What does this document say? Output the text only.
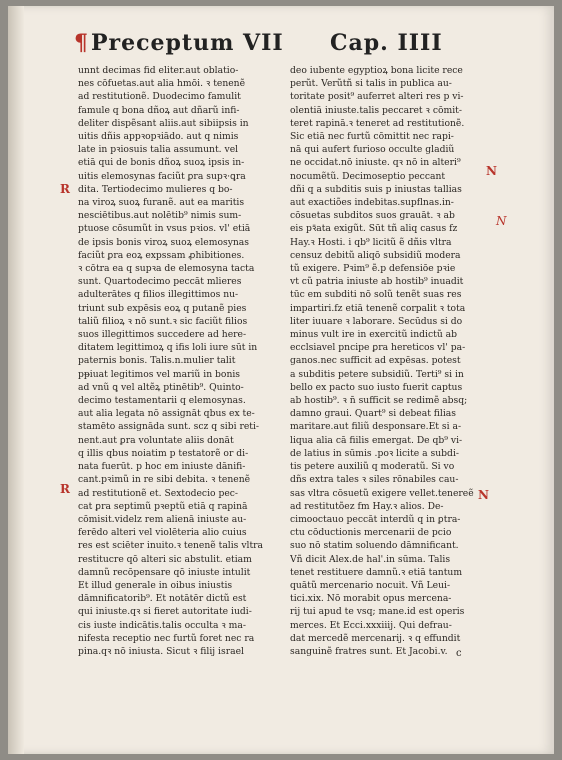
¶Preceptum VII Cap. IIII
unnt decimas fid eliter.aut oblatio-
nes cōfuetas.aut alia hmōi. ꝛ tenenẽ
ad restitutionẽ. Duodecimo famulit
famule q bona dñoꝝ aut dñarũ infi-
deliter dispẽsant aliis.aut sibiipsis in
uitis dñis appꝛopꝛiādo. aut q nimis
late in pꝛiosuis talia assumunt. vel
etiā qui de bonis dñoꝝ suoꝝ ipsis in-
uitis elemosynas faciũt ꝑra supꝛ·ꝗra
dita. Tertiodecimo mulieres q bo-
na viroꝝ suoꝝ furanẽ. aut ea maritis
nesciētibus.aut nolētib⁹ nimis sum-
ptuose cōsumũt in vsus pꝛios. vl' etiā
de ipsis bonis viroꝝ suoꝝ elemosynas
faciũt ꝑra eoꝝ expssam ꝓhibitiones.
ꝛ cōtra ea q supꝛa de elemosyna tacta
sunt. Quartodecimo peccāt mlieres
adulterātes q filios illegittimos nu-
triunt sub expēsis eoꝝ q putanẽ pies
taliũ filioꝝ ꝛ nō sunt.ꝛ sic faciũt filios
suos illegittimos succedere ad here-
ditatem legittimoꝝ q ifis loli iure sūt in
paternis bonis. Talis.n.mulier talit
pᵽiuat legitimos vel mariũ in bonis
ad vnũ ꝗ vel altẽꝝ ptinētib⁹. Quinto-
decimo testamentarii q elemosynas.
aut alia legata nō assignāt qbus ex te-
stamēto assignāda sunt. scz q sibi reti-
nent.aut ꝑra voluntate aliis donāt
q illis qbus noiatim p testatorẽ or di-
nata fuerūt. p hoc em iniuste dānifi-
cant.pꝛimũ in re sibi debita. ꝛ tenenẽ
ad restitutionẽ et. Sextodecio pec-
cat ꝑra septimũ pꝛeptũ etiā q rapinā
cōmisit.videlz rem alienā iniuste au-
ferēdo alteri vel violēteria alio cuius
res est sciēter inuito.ꝛ tenenẽ talis vltra
restitucre qō alteri sic abstulit. etiam
damnũ recōpensare qō iniuste intulit
Et illud generale in oibus iniustis
dāmnificatorib⁹. Et notātēr dictũ est
qui iniuste.qꝛ si fieret autoritate iudi-
cis iuste indicātis.talis occulta ꝛ ma-
nifesta receptio nec furtũ foret nec ra
pina.qꝛ nō iniusta. Sicut ꝛ filij israel
deo iubente egyptioꝝ bona licite rece
perũt. Verũtñ si talis in publica au-
toritate posit⁹ auferret alteri res p vi-
olentiā iniuste.talis peccaret ꝛ cōmit-
teret rapinā.ꝛ teneret ad restitutionẽ.
Sic etiā nec furtũ cōmittit nec rapi-
nā qui aufert furioso occulte gladiũ
ne occidat.nō iniuste. qꝛ nō in alteri⁹
nocumẽtũ. Decimoseptio peccant
dñi q a subditis suis p iniustas tallias
aut exactiões indebitas.supflnas.in-
cōsuetas subditos suos grauāt. ꝛ ab
eis pꝛ̄ata exigũt. Sūt tñ aliq casus fz
Hay.ꝛ Hosti. i qb⁹ licitũ ẽ dñis vltra
censuz debitũ aliqō subsidiũ modera
tũ exigere. Pꝛim⁹ ẽ.p defensiōe pꝛie
vt cũ patria iniuste ab hostib⁹ inuadit
tūc em subditi nō solũ tenẽt suas res
impartiri.fz etiā tenenẽ corpalit ꝛ tota
liter iuuare ꝛ laborare. Secūdus si do
minus vult ire in exercitũ indictũ ab
ecclsiavel pncipe ꝑra hereticos vl' pa-
ganos.nec sufficit ad expēsas. potest
a subditis petere subsidiũ. Terti⁹ si in
bello ex pacto suo iusto fuerit captus
ab hostib⁹. ꝛ n̄ sufficit se redimẽ absq;
damno graui. Quart⁹ si debeat filias
maritare.aut filiũ desponsare.Et si a-
liqua alia cā fiilis emergat. De qb⁹ vi-
de latius in sūmis .poꝛ licite a subdi-
tis petere auxiliũ q moderatũ. Si vo
dñs extra tales ꝛ siles rōnabiles cau-
sas vltra cōsuetũ exigere vellet.tenereẽ
ad restitutõez fm Hay.ꝛ alios. De-
cimooctauo peccāt interdũ q in ꝑtra-
ctu cōductionis mercenarii de pcio
suo nō statim soluendo dāmnificant.
Vñ dicit Alex.de hal'.in sūma. Talis
tenet restituere damnũ.ꝛ etiā tantum
quātũ mercenario nocuit. Vñ Leui-
tici.xix. Nō morabit opus mercena-
rij tui apud te vsq; mane.id est operis
merces. Et Ecci.xxxiiij. Qui defrau-
dat mercedẽ mercenarij. ꝛ q effundit
sanguinẽ fratres sunt. Et Jacobi.v.
R
R
N
N
N
c
